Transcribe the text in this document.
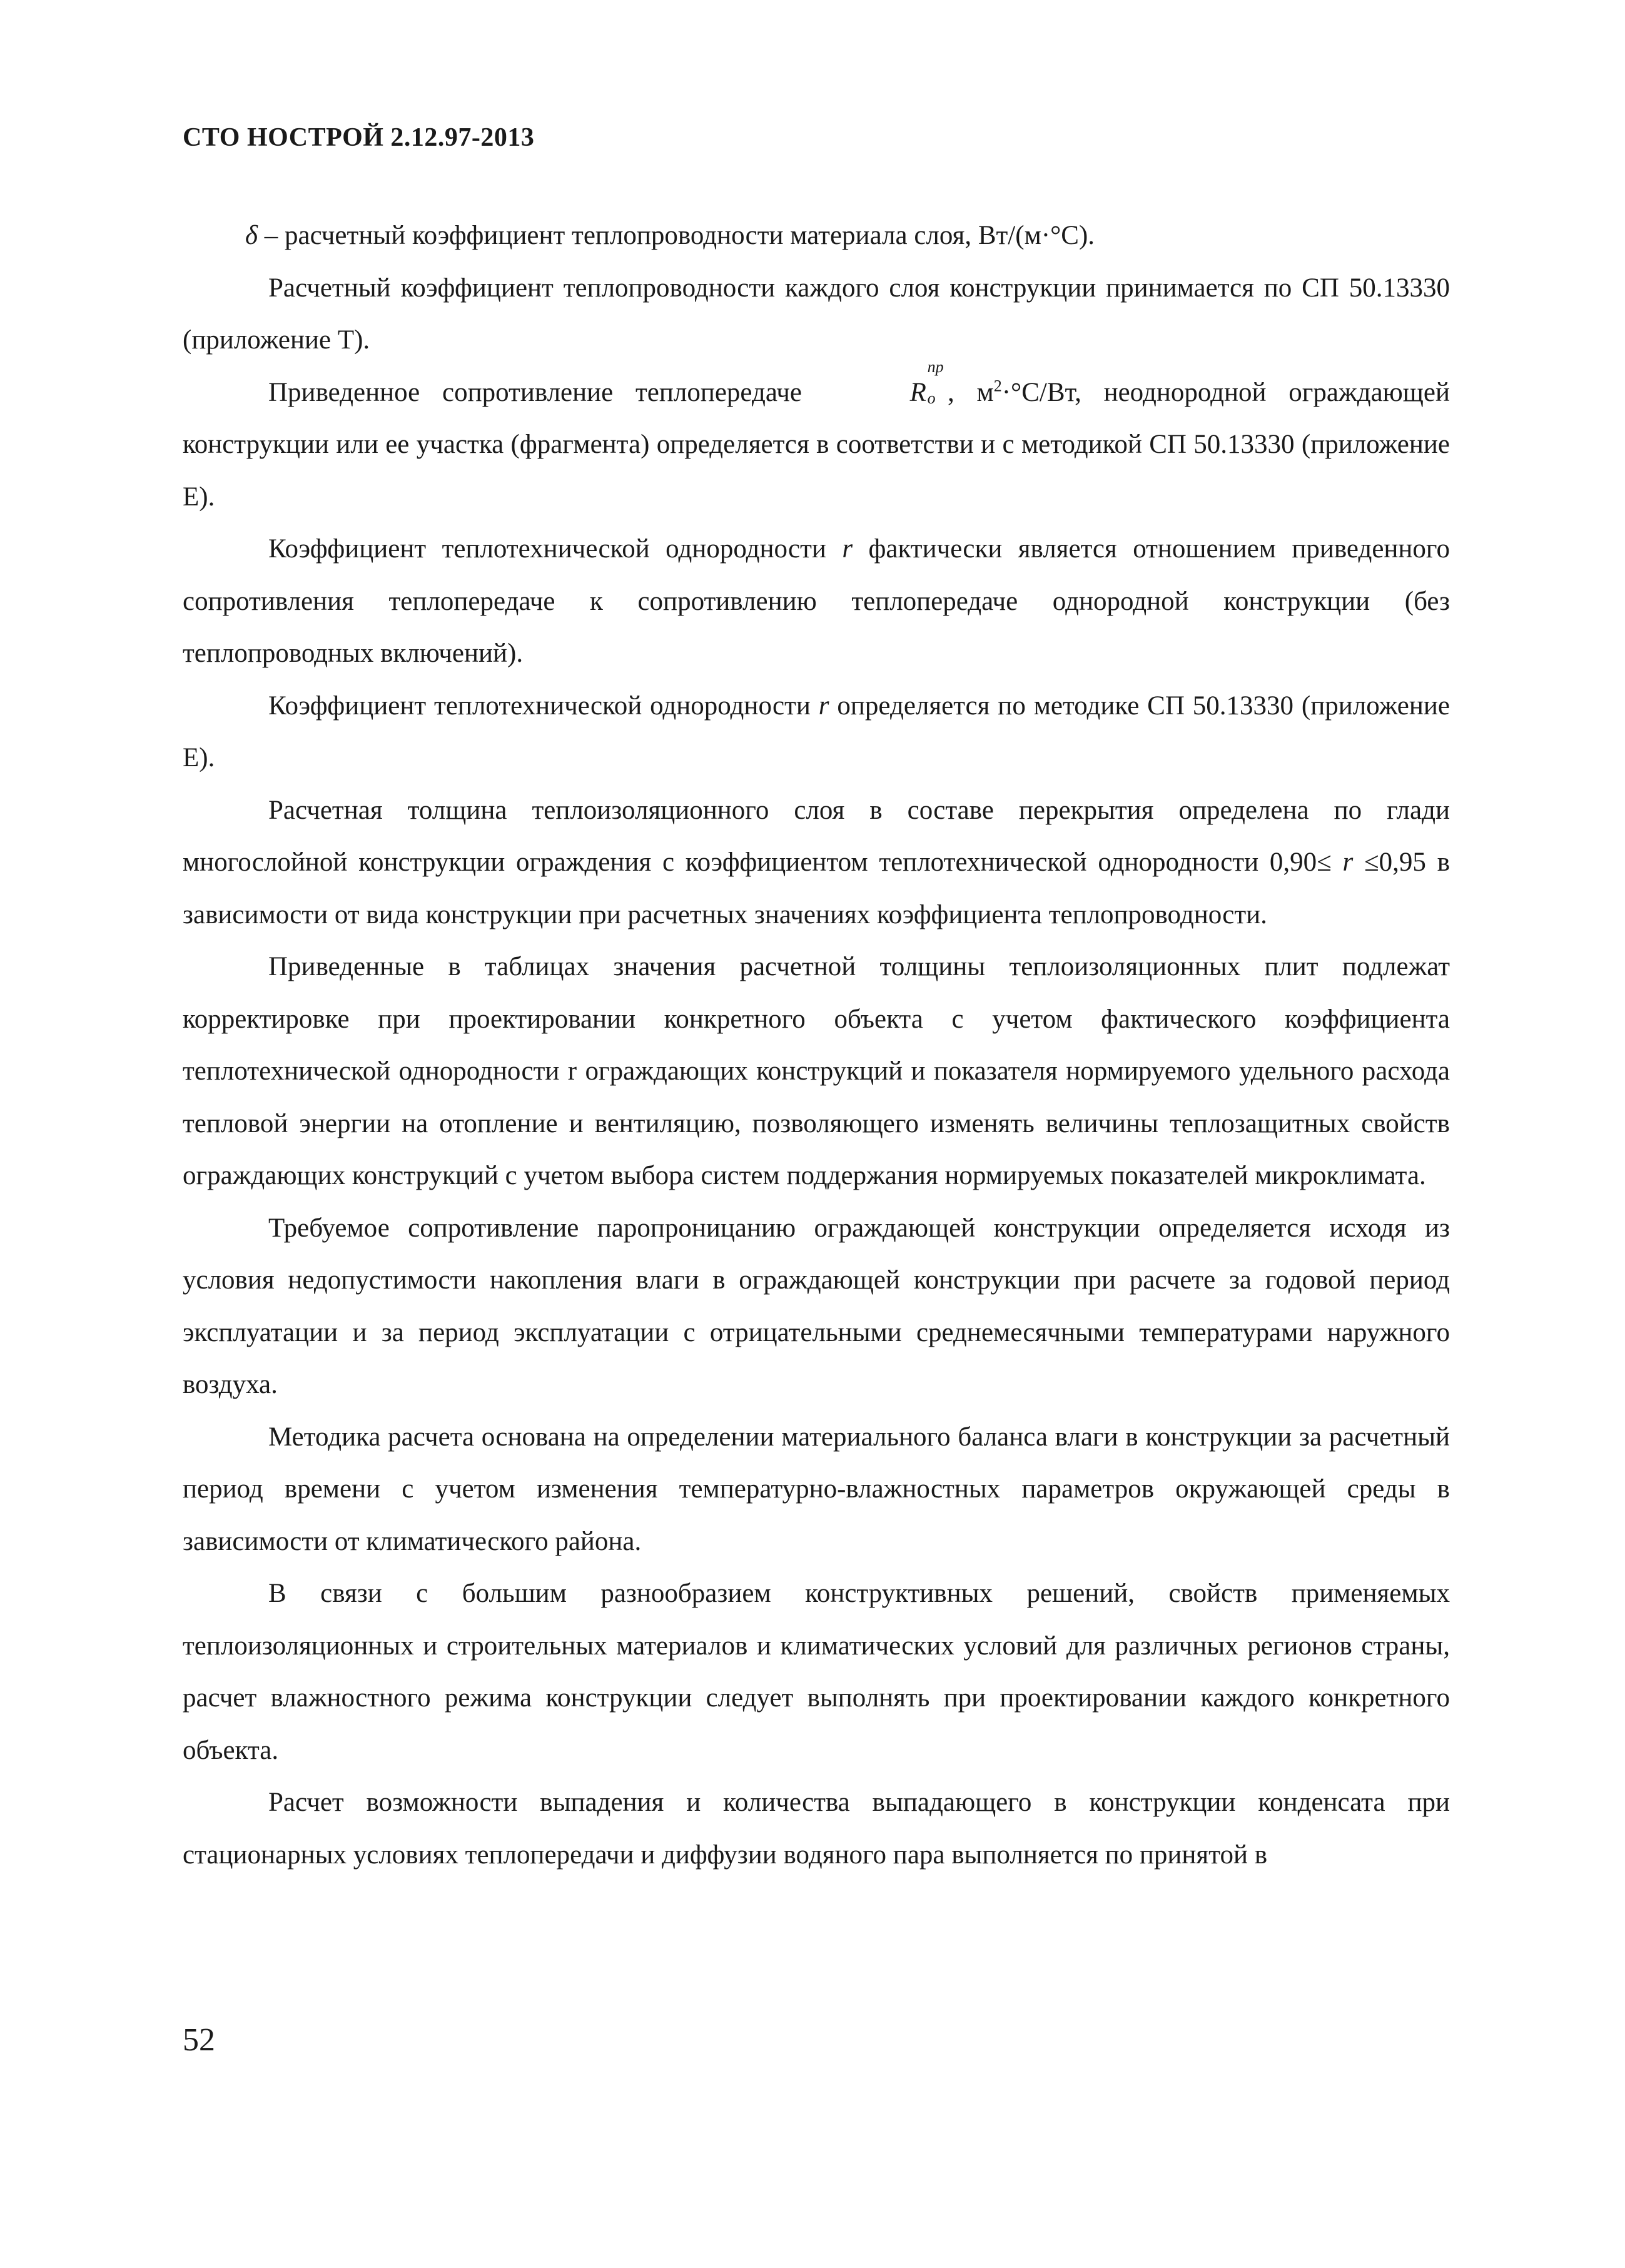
СТО НОСТРОЙ 2.12.97-2013

δ – расчетный коэффициент теплопроводности материала слоя, Вт/(м·°С).

Расчетный коэффициент теплопроводности каждого слоя конструкции принимается по СП 50.13330 (приложение Т).

Приведенное сопротивление теплопередаче	R
пр
о , $м^2\cdot^\circ С/Вт$, неоднородной ограждающей конструкции или ее участка (фрагмента) определяется в соответстви и с методикой СП 50.13330 (приложение Е).

Коэффициент теплотехнической однородности r фактически является отношением приведенного сопротивления теплопередаче к сопротивлению теплопередаче однородной конструкции (без теплопроводных включений).

Коэффициент теплотехнической однородности r определяется по методике СП 50.13330 (приложение Е).

Расчетная толщина теплоизоляционного слоя в составе перекрытия определена по глади многослойной конструкции ограждения с коэффициентом теплотехнической однородности 0,90≤ r ≤0,95 в зависимости от вида конструкции при расчетных значениях коэффициента теплопроводности.

Приведенные в таблицах значения расчетной толщины теплоизоляционных плит подлежат корректировке при проектировании конкретного объекта с учетом фактического коэффициента теплотехнической однородности r ограждающих конструкций и показателя нормируемого удельного расхода тепловой энергии на отопление и вентиляцию, позволяющего изменять величины теплозащитных свойств ограждающих конструкций с учетом выбора систем поддержания нормируемых показателей микроклимата.

Требуемое сопротивление паропроницанию ограждающей конструкции определяется исходя из условия недопустимости накопления влаги в ограждающей конструкции при расчете за годовой период эксплуатации и за период эксплуатации с отрицательными среднемесячными температурами наружного воздуха.

Методика расчета основана на определении материального баланса влаги в конструкции за расчетный период времени с учетом изменения температурно-влажностных параметров окружающей среды в зависимости от климатического района.

В связи с большим разнообразием конструктивных решений, свойств применяемых теплоизоляционных и строительных материалов и климатических условий для различных регионов страны, расчет влажностного режима конструкции следует выполнять при проектировании каждого конкретного объекта.

Расчет возможности выпадения и количества выпадающего в конструкции конденсата при стационарных условиях теплопередачи и диффузии водяного пара выполняется по принятой в

52
